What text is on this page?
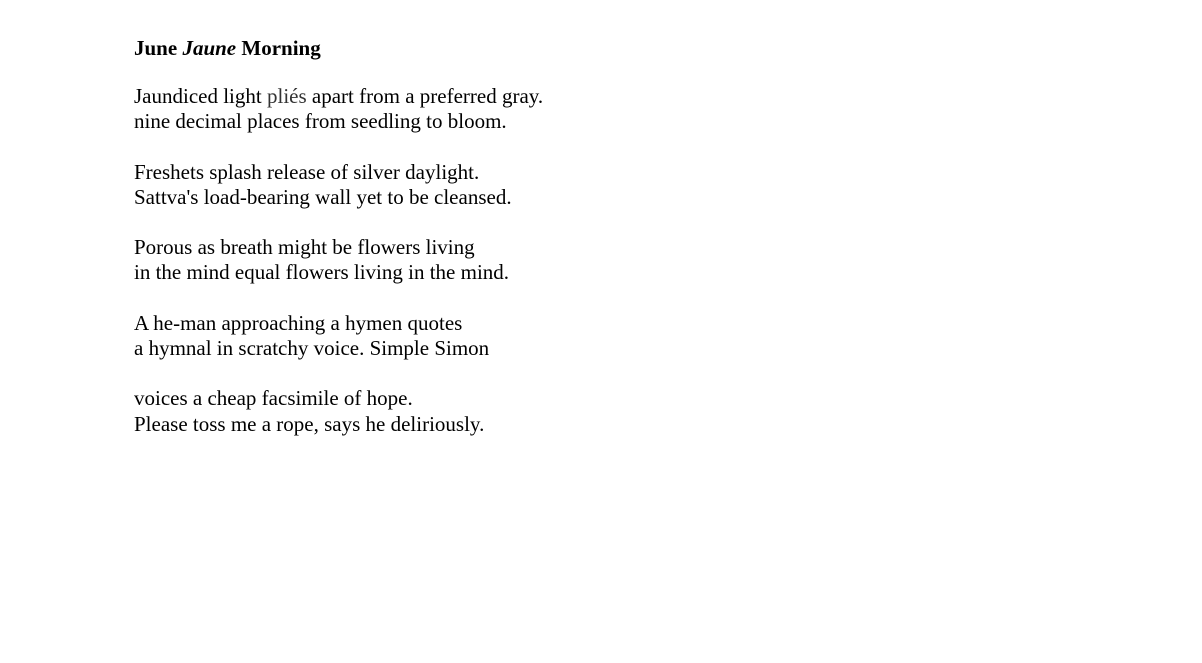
June Jaune Morning
Jaundiced light pliés apart from a preferred gray.
nine decimal places from seedling to bloom.
Freshets splash release of silver daylight.
Sattva's load-bearing wall yet to be cleansed.
Porous as breath might be flowers living
in the mind equal flowers living in the mind.
A he-man approaching a hymen quotes
a hymnal in scratchy voice. Simple Simon
voices a cheap facsimile of hope.
Please toss me a rope, says he deliriously.
